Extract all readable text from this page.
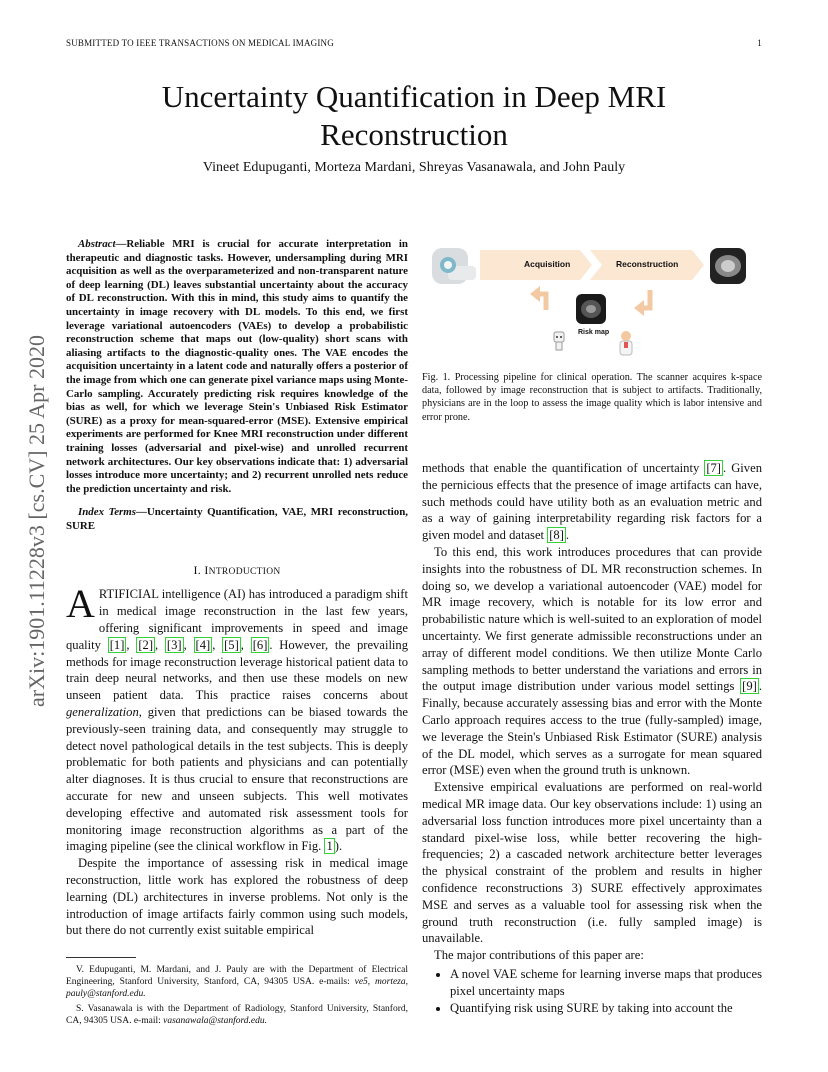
SUBMITTED TO IEEE TRANSACTIONS ON MEDICAL IMAGING	1
Uncertainty Quantification in Deep MRI
Reconstruction
Vineet Edupuganti, Morteza Mardani, Shreyas Vasanawala, and John Pauly
arXiv:1901.11228v3 [cs.CV] 25 Apr 2020

Abstract—Reliable MRI is crucial for accurate interpretation in therapeutic and diagnostic tasks. However, undersampling during MRI acquisition as well as the overparameterized and non-transparent nature of deep learning (DL) leaves substantial uncertainty about the accuracy of DL reconstruction. With this in mind, this study aims to quantify the uncertainty in image recovery with DL models. To this end, we first leverage variational autoencoders (VAEs) to develop a probabilistic reconstruction scheme that maps out (low-quality) short scans with aliasing artifacts to the diagnostic-quality ones. The VAE encodes the acquisition uncertainty in a latent code and naturally offers a posterior of the image from which one can generate pixel variance maps using Monte-Carlo sampling. Accurately predicting risk requires knowledge of the bias as well, for which we leverage Stein's Unbiased Risk Estimator (SURE) as a proxy for mean-squared-error (MSE). Extensive empirical experiments are performed for Knee MRI reconstruction under different training losses (adversarial and pixel-wise) and unrolled recurrent network architectures. Our key observations indicate that: 1) adversarial losses introduce more uncertainty; and 2) recurrent unrolled nets reduce the prediction uncertainty and risk.

Index Terms—Uncertainty Quantification, VAE, MRI reconstruction, SURE

I. INTRODUCTION

ARTIFICIAL intelligence (AI) has introduced a paradigm shift in medical image reconstruction in the last few years, offering significant improvements in speed and image quality [1] , [2] , [3] , [4] , [5] , [6] . However, the prevailing methods for image reconstruction leverage historical patient data to train deep neural networks, and then use these models on new unseen patient data. This practice raises concerns about generalization, given that predictions can be biased towards the previously-seen training data, and consequently may struggle to detect novel pathological details in the test subjects. This is deeply problematic for both patients and physicians and can potentially alter diagnoses. It is thus crucial to ensure that reconstructions are accurate for new and unseen subjects. This well motivates developing effective and automated risk assessment tools for monitoring image reconstruction algorithms as a part of the imaging pipeline (see the clinical workflow in Fig. 1 ).

Despite the importance of assessing risk in medical image reconstruction, little work has explored the robustness of deep learning (DL) architectures in inverse problems. Not only is the introduction of image artifacts fairly common using such models, but there do not currently exist suitable empirical

V. Edupuganti, M. Mardani, and J. Pauly are with the Department of Electrical Engineering, Stanford University, Stanford, CA, 94305 USA. e-mails: ve5, morteza, pauly@stanford.edu.

S. Vasanawala is with the Department of Radiology, Stanford University, Stanford, CA, 94305 USA. e-mail: vasanawala@stanford.edu.

Acquisition	Reconstruction
Risk map

Fig. 1. Processing pipeline for clinical operation. The scanner acquires k-space data, followed by image reconstruction that is subject to artifacts. Traditionally, physicians are in the loop to assess the image quality which is labor intensive and error prone.

methods that enable the quantification of uncertainty [7] . Given the pernicious effects that the presence of image artifacts can have, such methods could have utility both as an evaluation metric and as a way of gaining interpretability regarding risk factors for a given model and dataset [8] .

To this end, this work introduces procedures that can provide insights into the robustness of DL MR reconstruction schemes. In doing so, we develop a variational autoencoder (VAE) model for MR image recovery, which is notable for its low error and probabilistic nature which is well-suited to an exploration of model uncertainty. We first generate admissible reconstructions under an array of different model conditions. We then utilize Monte Carlo sampling methods to better understand the variations and errors in the output image distribution under various model settings [9] . Finally, because accurately assessing bias and error with the Monte Carlo approach requires access to the true (fully-sampled) image, we leverage the Stein's Unbiased Risk Estimator (SURE) analysis of the DL model, which serves as a surrogate for mean squared error (MSE) even when the ground truth is unknown.

Extensive empirical evaluations are performed on real-world medical MR image data. Our key observations include: 1) using an adversarial loss function introduces more pixel uncertainty than a standard pixel-wise loss, while better recovering the high-frequencies; 2) a cascaded network architecture better leverages the physical constraint of the problem and results in higher confidence reconstructions 3) SURE effectively approximates MSE and serves as a valuable tool for assessing risk when the ground truth reconstruction (i.e. fully sampled image) is unavailable.

The major contributions of this paper are:

• A novel VAE scheme for learning inverse maps that produces pixel uncertainty maps
• Quantifying risk using SURE by taking into account the
